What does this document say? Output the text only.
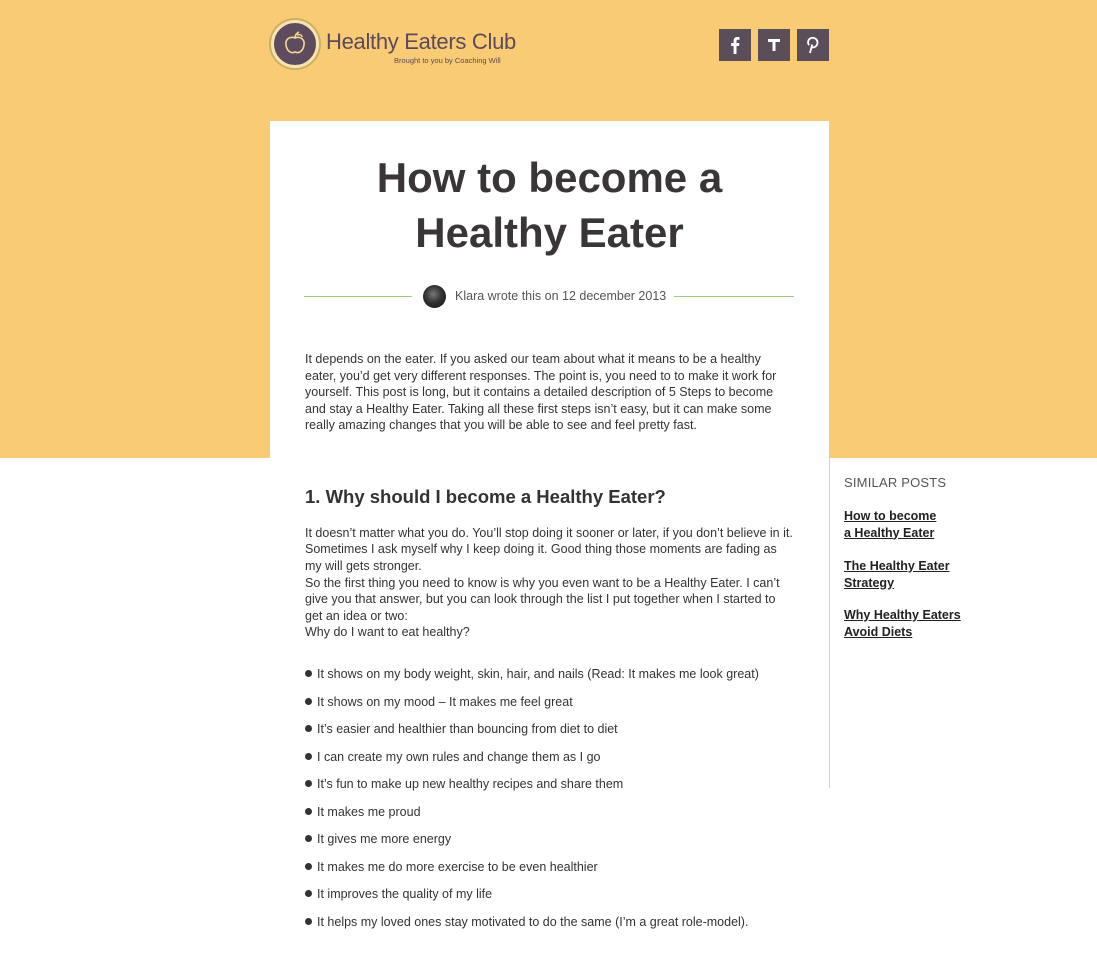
Healthy Eaters Club
Brought to you by Coaching Will
How to become a
Healthy Eater
Klara wrote this on 12 december 2013

It depends on the eater. If you asked our team about what it means to be a healthy eater, you’d get very different responses. The point is, you need to to make it work for yourself. This post is long, but it contains a detailed description of 5 Steps to become and stay a Healthy Eater. Taking all these first steps isn’t easy, but it can make some really amazing changes that you will be able to see and feel pretty fast.

SIMILAR POSTS
How to become
a Healthy Eater
The Healthy Eater
Strategy
Why Healthy Eaters
Avoid Diets
1. Why should I become a Healthy Eater?

It doesn’t matter what you do. You’ll stop doing it sooner or later, if you don’t believe in it. Sometimes I ask myself why I keep doing it. Good thing those moments are fading as my will gets stronger.

So the first thing you need to know is why you even want to be a Healthy Eater. I can’t give you that answer, but you can look through the list I put together when I started to get an idea or two:

Why do I want to eat healthy?

It shows on my body weight, skin, hair, and nails (Read: It makes me look great)
It shows on my mood – It makes me feel great
It’s easier and healthier than bouncing from diet to diet
I can create my own rules and change them as I go
It’s fun to make up new healthy recipes and share them
It makes me proud
It gives me more energy
It makes me do more exercise to be even healthier
It improves the quality of my life
It helps my loved ones stay motivated to do the same (I’m a great role-model).
